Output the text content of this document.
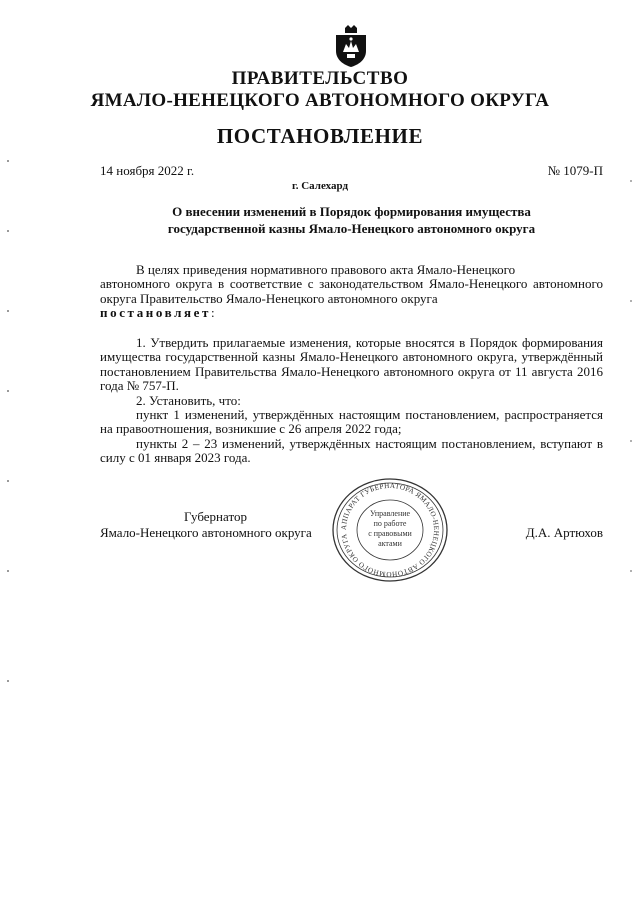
ПРАВИТЕЛЬСТВО
ЯМАЛО-НЕНЕЦКОГО АВТОНОМНОГО ОКРУГА
ПОСТАНОВЛЕНИЕ
14 ноября 2022 г.	№ 1079-П
г. Салехард
О внесении изменений в Порядок формирования имущества
государственной казны Ямало-Ненецкого автономного округа
В целях приведения нормативного правового акта Ямало-Ненецкого
автономного округа в соответствие с законодательством Ямало-Ненецкого автономного округа Правительство Ямало-Ненецкого автономного округа
постановляет:
1. Утвердить прилагаемые изменения, которые вносятся в Порядок формирования имущества государственной казны Ямало-Ненецкого автономного округа, утверждённый постановлением Правительства Ямало-Ненецкого автономного округа от 11 августа 2016 года № 757-П.
2. Установить, что:
пункт 1 изменений, утверждённых настоящим постановлением, распространяется на правоотношения, возникшие с 26 апреля 2022 года;
пункты 2 – 23 изменений, утверждённых настоящим постановлением, вступают в силу с 01 января 2023 года.
Губернатор
Ямало-Ненецкого автономного округа	Д.А. Артюхов
АППАРАТ ГУБЕРНАТОРА ЯМАЛО-НЕНЕЦКОГО АВТОНОМНОГО ОКРУГА
Управление
по работе
с правовыми
актами
